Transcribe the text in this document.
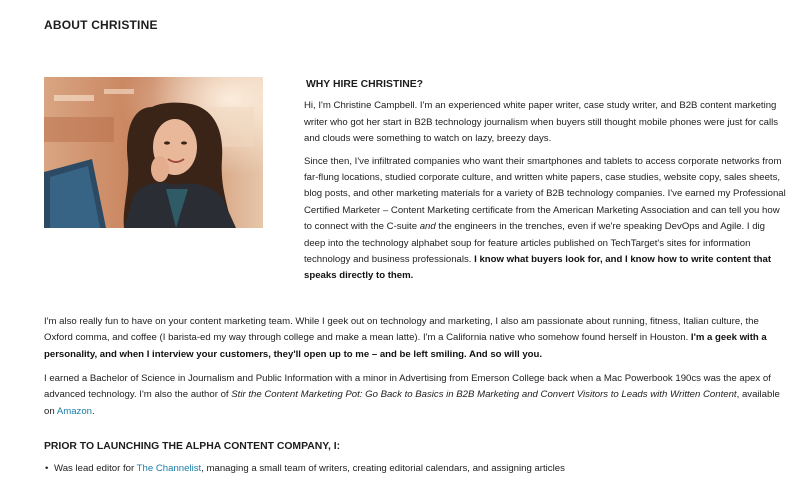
ABOUT CHRISTINE
WHY HIRE CHRISTINE?

Hi, I'm Christine Campbell. I'm an experienced white paper writer, case study writer, and B2B content marketing writer who got her start in B2B technology journalism when buyers still thought mobile phones were just for calls and clouds were something to watch on lazy, breezy days.

Since then, I've infiltrated companies who want their smartphones and tablets to access corporate networks from far-flung locations, studied corporate culture, and written white papers, case studies, website copy, sales sheets, blog posts, and other marketing materials for a variety of B2B technology companies. I've earned my Professional Certified Marketer – Content Marketing certificate from the American Marketing Association and can tell you how to connect with the C-suite and the engineers in the trenches, even if we're speaking DevOps and Agile. I dig deep into the technology alphabet soup for feature articles published on TechTarget's sites for information technology and business professionals. I know what buyers look for, and I know how to write content that speaks directly to them.

I'm also really fun to have on your content marketing team. While I geek out on technology and marketing, I also am passionate about running, fitness, Italian culture, the Oxford comma, and coffee (I barista-ed my way through college and make a mean latte). I'm a California native who somehow found herself in Houston. I'm a geek with a personality, and when I interview your customers, they'll open up to me – and be left smiling. And so will you.

I earned a Bachelor of Science in Journalism and Public Information with a minor in Advertising from Emerson College back when a Mac Powerbook 190cs was the apex of advanced technology. I'm also the author of Stir the Content Marketing Pot: Go Back to Basics in B2B Marketing and Convert Visitors to Leads with Written Content, available on Amazon.

PRIOR TO LAUNCHING THE ALPHA CONTENT COMPANY, I:
• Was lead editor for The Channelist, managing a small team of writers, creating editorial calendars, and assigning articles
